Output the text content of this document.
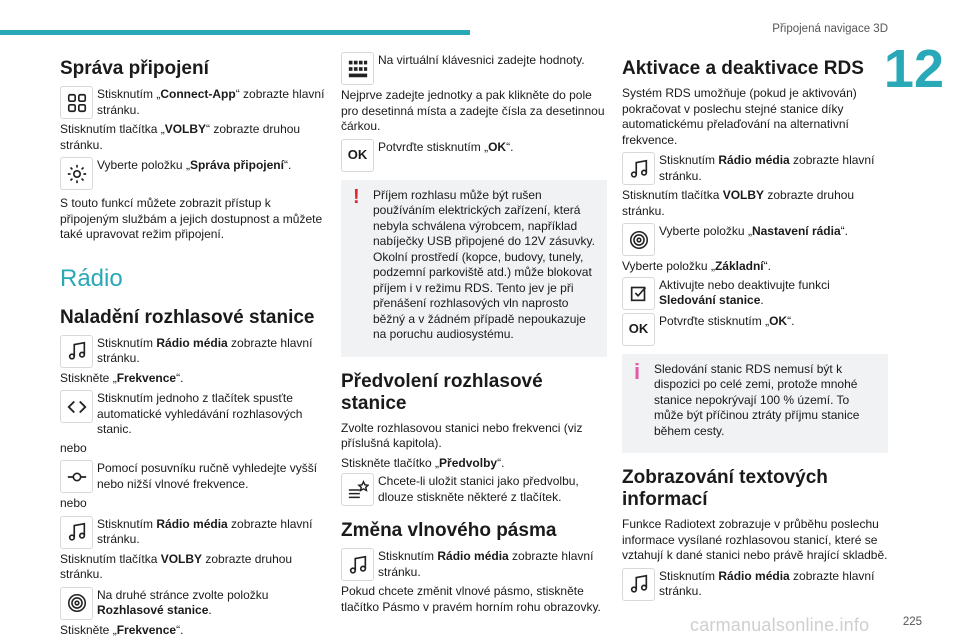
Připojená navigace 3D
12
Správa připojení
Stisknutím „Connect-App“ zobrazte hlavní stránku.

Stisknutím tlačítka „VOLBY“ zobrazte druhou stránku.

Vyberte položku „Správa připojení“.

S touto funkcí můžete zobrazit přístup k připojeným službám a jejich dostupnost a můžete také upravovat režim připojení.

Rádio
Naladění rozhlasové stanice
Stisknutím Rádio média zobrazte hlavní stránku.

Stiskněte „Frekvence“.

Stisknutím jednoho z tlačítek spusťte automatické vyhledávání rozhlasových stanic.

nebo

Pomocí posuvníku ručně vyhledejte vyšší nebo nižší vlnové frekvence.

nebo

Stisknutím Rádio média zobrazte hlavní stránku.

Stisknutím tlačítka VOLBY zobrazte druhou stránku.

Na druhé stránce zvolte položku Rozhlasové stanice.

Stiskněte „Frekvence“.

Na virtuální klávesnici zadejte hodnoty.

Nejprve zadejte jednotky a pak klikněte do pole pro desetinná místa a zadejte čísla za desetinnou čárkou.

OK
Potvrďte stisknutím „OK“.
!	Příjem rozhlasu může být rušen používáním elektrických zařízení, která nebyla schválena výrobcem, například nabíječky USB připojené do 12V zásuvky. Okolní prostředí (kopce, budovy, tunely, podzemní parkoviště atd.) může blokovat příjem i v režimu RDS. Tento jev je při přenášení rozhlasových vln naprosto běžný a v žádném případě nepoukazuje na poruchu audiosystému.

Předvolení rozhlasové stanice

Zvolte rozhlasovou stanici nebo frekvenci (viz příslušná kapitola).

Stiskněte tlačítko „Předvolby“.

Chcete-li uložit stanici jako předvolbu, dlouze stiskněte některé z tlačítek.
Změna vlnového pásma
Stisknutím Rádio média zobrazte hlavní stránku.

Pokud chcete změnit vlnové pásmo, stiskněte tlačítko Pásmo v pravém horním rohu obrazovky.

Aktivace a deaktivace RDS

Systém RDS umožňuje (pokud je aktivován) pokračovat v poslechu stejné stanice díky automatickému přelaďování na alternativní frekvence.

Stisknutím Rádio média zobrazte hlavní stránku.

Stisknutím tlačítka VOLBY zobrazte druhou stránku.

Vyberte položku „Nastavení rádia“.

Vyberte položku „Základní“.

Aktivujte nebo deaktivujte funkci Sledování stanice.
OK
Potvrďte stisknutím „OK“.
i	Sledování stanic RDS nemusí být k dispozici po celé zemi, protože mnohé stanice nepokrývají 100 % území. To může být příčinou ztráty příjmu stanice během cesty.

Zobrazování textových informací

Funkce Radiotext zobrazuje v průběhu poslechu informace vysílané rozhlasovou stanicí, které se vztahují k dané stanici nebo právě hrající skladbě.

Stisknutím Rádio média zobrazte hlavní stránku.
carmanualsonline.info	225
